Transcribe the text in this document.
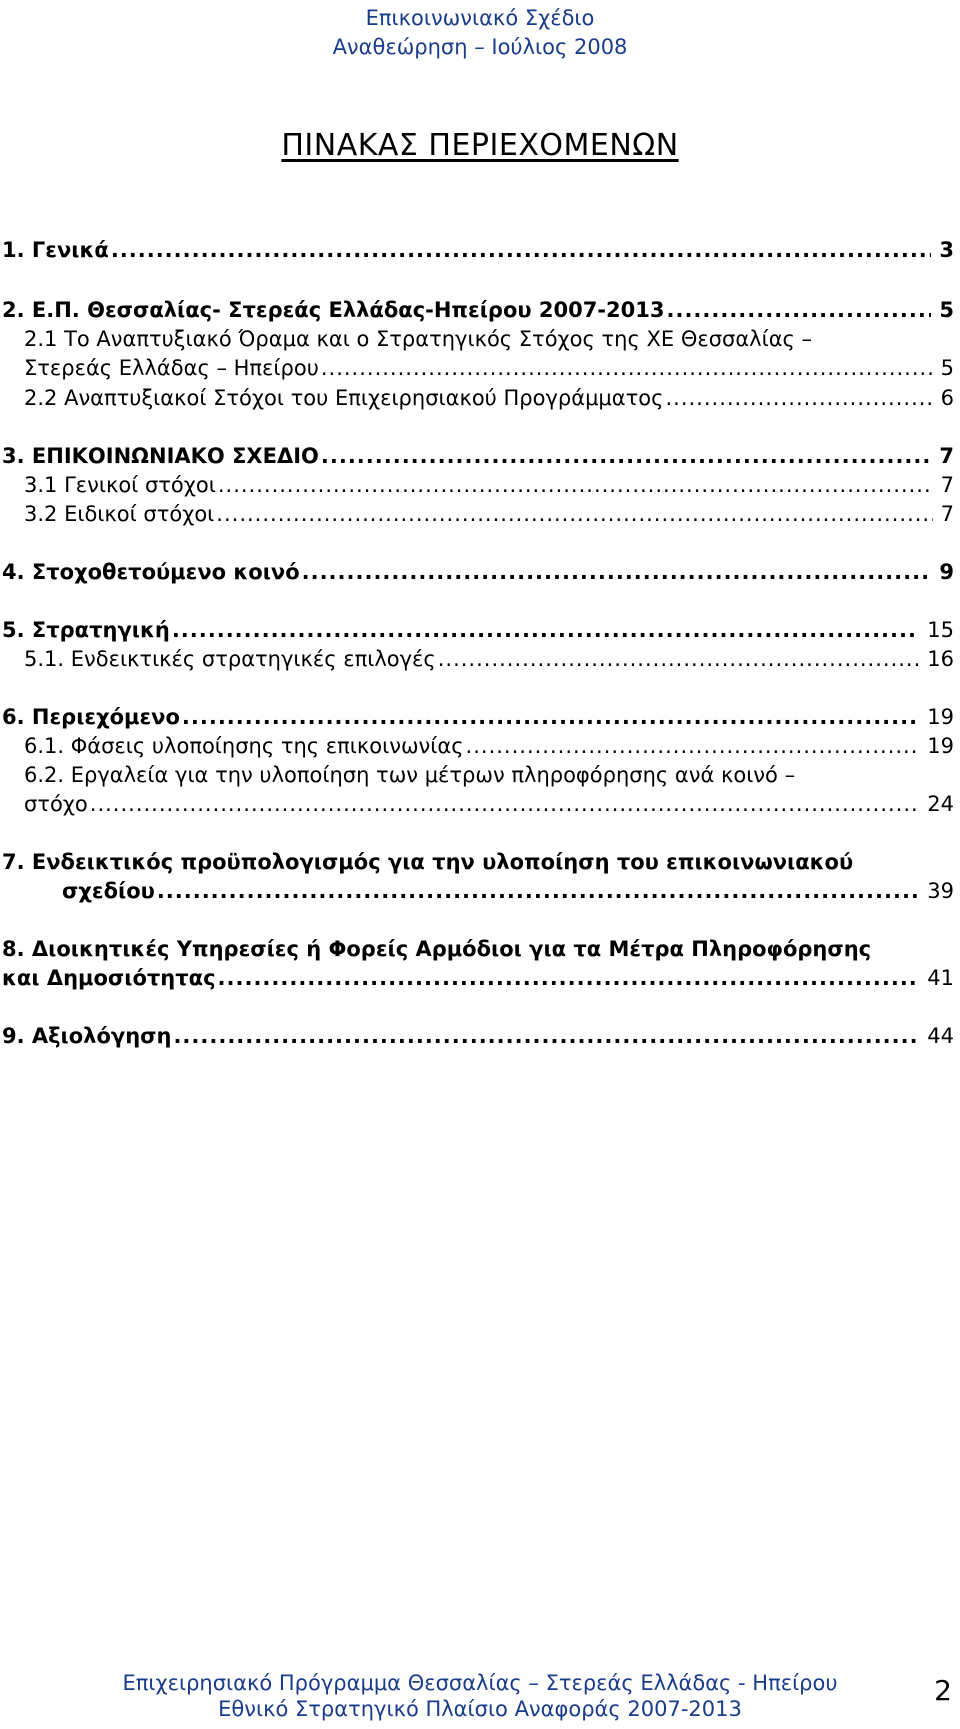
Επικοινωνιακό Σχέδιο
Αναθεώρηση – Ιούλιος 2008
ΠΙΝΑΚΑΣ ΠΕΡΙΕΧΟΜΕΝΩΝ
1. Γενικά .....	3
2. Ε.Π. Θεσσαλίας- Στερεάς Ελλάδας-Ηπείρου 2007-2013 .....	5
2.1 Το Αναπτυξιακό Όραμα και ο Στρατηγικός Στόχος της ΧΕ Θεσσαλίας –
Στερεάς Ελλάδας – Ηπείρου .....	5
2.2 Αναπτυξιακοί Στόχοι του Επιχειρησιακού Προγράμματος .....	6
3. ΕΠΙΚΟΙΝΩΝΙΑΚΟ ΣΧΕΔΙΟ .....	7
3.1 Γενικοί στόχοι .....	7
3.2 Ειδικοί στόχοι .....	7
4. Στοχοθετούμενο κοινό .....	9
5. Στρατηγική .....	15
5.1. Ενδεικτικές στρατηγικές επιλογές .....	16
6. Περιεχόμενο .....	19
6.1. Φάσεις υλοποίησης της επικοινωνίας .....	19
6.2. Εργαλεία για την υλοποίηση των μέτρων πληροφόρησης ανά κοινό –
στόχο .....	24
7. Ενδεικτικός προϋπολογισμός για την υλοποίηση του επικοινωνιακού
σχεδίου .....	39
8. Διοικητικές Υπηρεσίες ή Φορείς Αρμόδιοι για τα Μέτρα Πληροφόρησης
και Δημοσιότητας .....	41
9. Αξιολόγηση .....	44
Επιχειρησιακό Πρόγραμμα Θεσσαλίας – Στερεάς Ελλάδας - Ηπείρου
Εθνικό Στρατηγικό Πλαίσιο Αναφοράς 2007-2013
2
